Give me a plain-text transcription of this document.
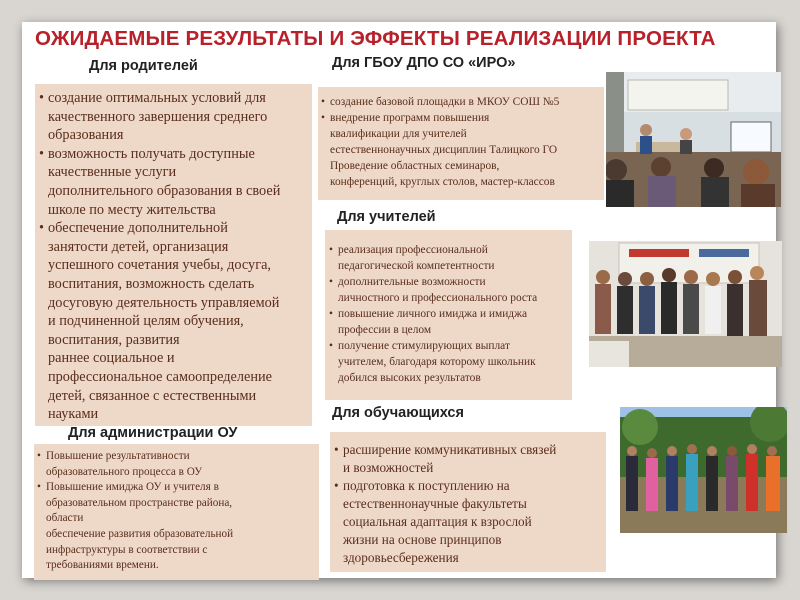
ОЖИДАЕМЫЕ РЕЗУЛЬТАТЫ И ЭФФЕКТЫ РЕАЛИЗАЦИИ ПРОЕКТА
Для родителей
• создание оптимальных условий для
качественного завершения среднего
образования
• возможность получать доступные
качественные услуги
дополнительного образования в своей
школе по месту жительства
• обеспечение дополнительной
занятости детей, организация
успешного сочетания учебы, досуга,
воспитания, возможность сделать
досуговую деятельность управляемой
и подчиненной целям обучения,
воспитания, развития
раннее социальное и
профессиональное самоопределение
детей, связанное с естественными
науками
Для ГБОУ ДПО СО «ИРО»
• создание базовой площадки в МКОУ СОШ №5
• внедрение программ повышения
квалификации для учителей
естественнонаучных дисциплин Талицкого ГО
Проведение областных семинаров,
конференций, круглых столов, мастер-классов
Для учителей
• реализация профессиональной
педагогической компетентности
• дополнительные возможности
личностного и профессионального роста
• повышение личного имиджа и имиджа
профессии в целом
• получение стимулирующих выплат
учителем, благодаря которому школьник
добился высоких результатов
Для обучающихся
• расширение коммуникативных связей
и возможностей
• подготовка к поступлению на
естественнонаучные факультеты
социальная адаптация к взрослой
жизни на основе принципов
здоровьесбережения
Для администрации ОУ
• Повышение результативности
образовательного процесса в ОУ
• Повышение имиджа ОУ и учителя в
образовательном пространстве района,
области
обеспечение развития образовательной
инфраструктуры в соответствии с
требованиями времени.
